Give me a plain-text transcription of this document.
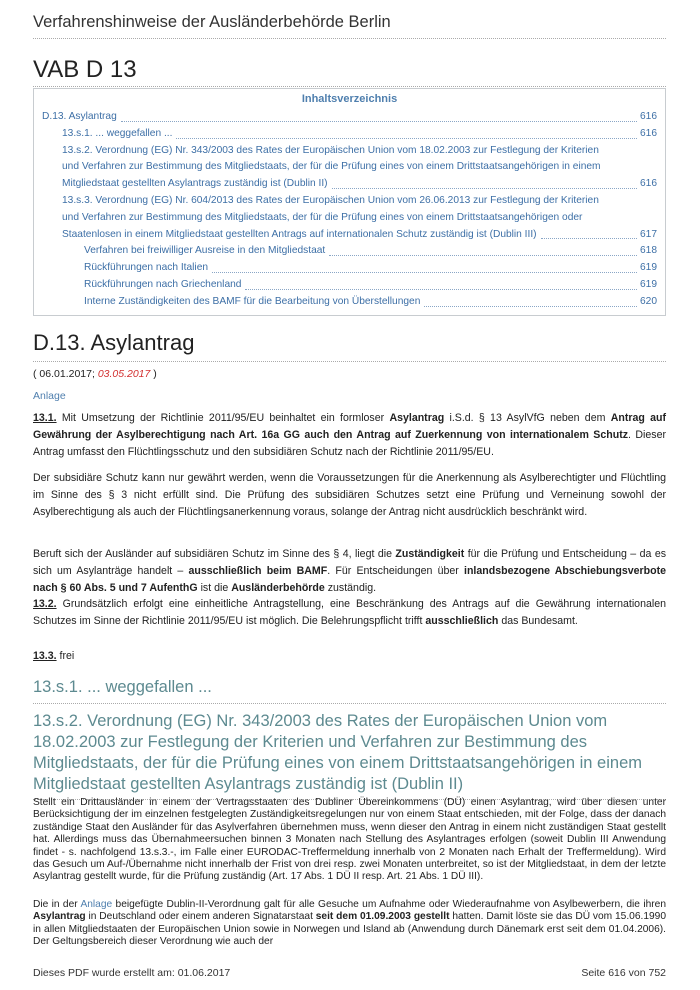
Verfahrenshinweise der Ausländerbehörde Berlin
VAB D 13
Inhaltsverzeichnis
D.13. Asylantrag	616
13.s.1. ... weggefallen ...	616
13.s.2. Verordnung (EG) Nr. 343/2003 des Rates der Europäischen Union vom 18.02.2003 zur Festlegung der Kriterien
und Verfahren zur Bestimmung des Mitgliedstaats, der für die Prüfung eines von einem Drittstaatsangehörigen in einem
Mitgliedstaat gestellten Asylantrags zuständig ist (Dublin II)	616
13.s.3. Verordnung (EG) Nr. 604/2013 des Rates der Europäischen Union vom 26.06.2013 zur Festlegung der Kriterien
und Verfahren zur Bestimmung des Mitgliedstaats, der für die Prüfung eines von einem Drittstaatsangehörigen oder
Staatenlosen in einem Mitgliedstaat gestellten Antrags auf internationalen Schutz zuständig ist (Dublin III)	617
Verfahren bei freiwilliger Ausreise in den Mitgliedstaat	618
Rückführungen nach Italien	619
Rückführungen nach Griechenland	619
Interne Zuständigkeiten des BAMF für die Bearbeitung von Überstellungen	620
D.13. Asylantrag
( 06.01.2017; 03.05.2017 )
Anlage
13.1. Mit Umsetzung der Richtlinie 2011/95/EU beinhaltet ein formloser Asylantrag i.S.d. § 13 AsylVfG neben dem Antrag auf Gewährung der Asylberechtigung nach Art. 16a GG auch den Antrag auf Zuerkennung von internationalem Schutz. Dieser Antrag umfasst den Flüchtlingsschutz und den subsidiären Schutz nach der Richtlinie 2011/95/EU.
Der subsidiäre Schutz kann nur gewährt werden, wenn die Voraussetzungen für die Anerkennung als Asylberechtigter und Flüchtling im Sinne des § 3 nicht erfüllt sind. Die Prüfung des subsidiären Schutzes setzt eine Prüfung und Verneinung sowohl der Asylberechtigung als auch der Flüchtlingsanerkennung voraus, solange der Antrag nicht ausdrücklich beschränkt wird.
Beruft sich der Ausländer auf subsidiären Schutz im Sinne des § 4, liegt die Zuständigkeit für die Prüfung und Entscheidung – da es sich um Asylanträge handelt – ausschließlich beim BAMF. Für Entscheidungen über inlandsbezogene Abschiebungsverbote nach § 60 Abs. 5 und 7 AufenthG ist die Ausländerbehörde zuständig.
13.2. Grundsätzlich erfolgt eine einheitliche Antragstellung, eine Beschränkung des Antrags auf die Gewährung internationalen Schutzes im Sinne der Richtlinie 2011/95/EU ist möglich. Die Belehrungspflicht trifft ausschließlich das Bundesamt.
13.3. frei
13.s.1. ... weggefallen ...
13.s.2. Verordnung (EG) Nr. 343/2003 des Rates der Europäischen Union vom 18.02.2003 zur Festlegung der Kriterien und Verfahren zur Bestimmung des Mitgliedstaats, der für die Prüfung eines von einem Drittstaatsangehörigen in einem Mitgliedstaat gestellten Asylantrags zuständig ist (Dublin II)
Stellt ein Drittausländer in einem der Vertragsstaaten des Dubliner Übereinkommens (DÜ) einen Asylantrag, wird über diesen unter Berücksichtigung der im einzelnen festgelegten Zuständigkeitsregelungen nur von einem Staat entschieden, mit der Folge, dass der danach zuständige Staat den Ausländer für das Asylverfahren übernehmen muss, wenn dieser den Antrag in einem nicht zuständigen Staat gestellt hat. Allerdings muss das Übernahmeersuchen binnen 3 Monaten nach Stellung des Asylantrages erfolgen (soweit Dublin III Anwendung findet - s. nachfolgend 13.s.3.-, im Falle einer EURODAC-Treffermeldung innerhalb von 2 Monaten nach Erhalt der Treffermeldung). Wird das Gesuch um Auf-/Übernahme nicht innerhalb der Frist von drei resp. zwei Monaten unterbreitet, so ist der Mitgliedstaat, in dem der letzte Asylantrag gestellt wurde, für die Prüfung zuständig (Art. 17 Abs. 1 DÜ II resp. Art. 21 Abs. 1 DÜ III).
Die in der Anlage beigefügte Dublin-II-Verordnung galt für alle Gesuche um Aufnahme oder Wiederaufnahme von Asylbewerbern, die ihren Asylantrag in Deutschland oder einem anderen Signatarstaat seit dem 01.09.2003 gestellt hatten. Damit löste sie das DÜ vom 15.06.1990 in allen Mitgliedstaaten der Europäischen Union sowie in Norwegen und Island ab (Anwendung durch Dänemark erst seit dem 01.04.2006). Der Geltungsbereich dieser Verordnung wie auch der
Dieses PDF wurde erstellt am: 01.06.2017	Seite 616 von 752
